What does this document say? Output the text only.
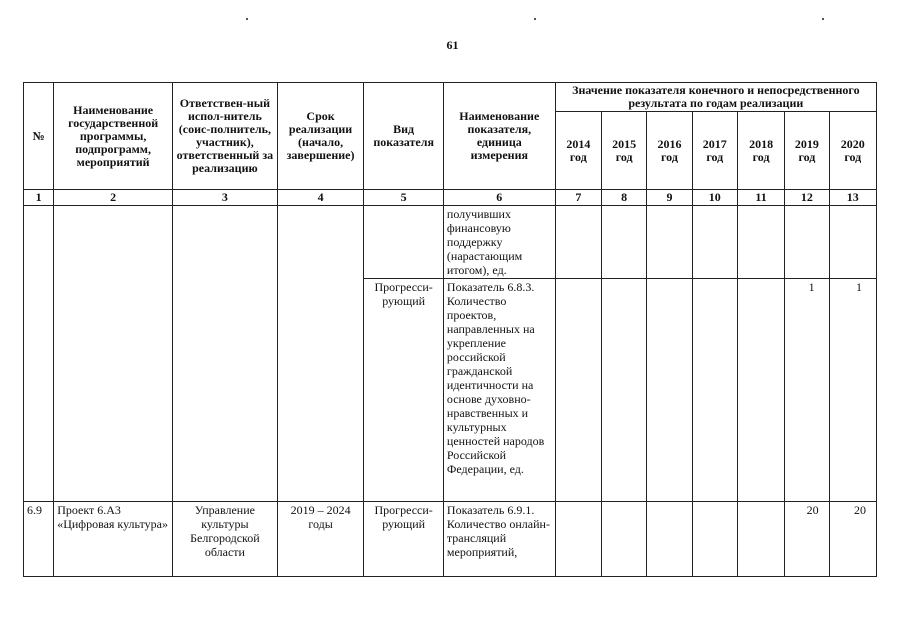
61
№	Наименование государственной программы, подпрограмм, мероприятий	Ответствен-ный испол-нитель (соис-полнитель, участник), ответственный за реализацию	Срок реализации (начало, завершение)	Вид показателя	Наименование показателя, единица измерения	Значение показателя конечного и непосредственного результата по годам реализации						
						2014 год	2015 год	2016 год	2017 год	2018 год	2019 год	2020 год
1	2	3	4	5	6	7	8	9	10	11	12	13
					получивших финансовую поддержку (нарастающим итогом), ед.							
				Прогресси-рующий	Показатель 6.8.3. Количество проектов, направленных на укрепление российской гражданской идентичности на основе духовно-нравственных и культурных ценностей народов Российской Федерации, ед.						1	1
6.9	Проект 6.А3 «Цифровая культура»	Управление культуры Белгородской области	2019 – 2024 годы	Прогресси-рующий	Показатель 6.9.1. Количество онлайн-трансляций мероприятий,						20	20
